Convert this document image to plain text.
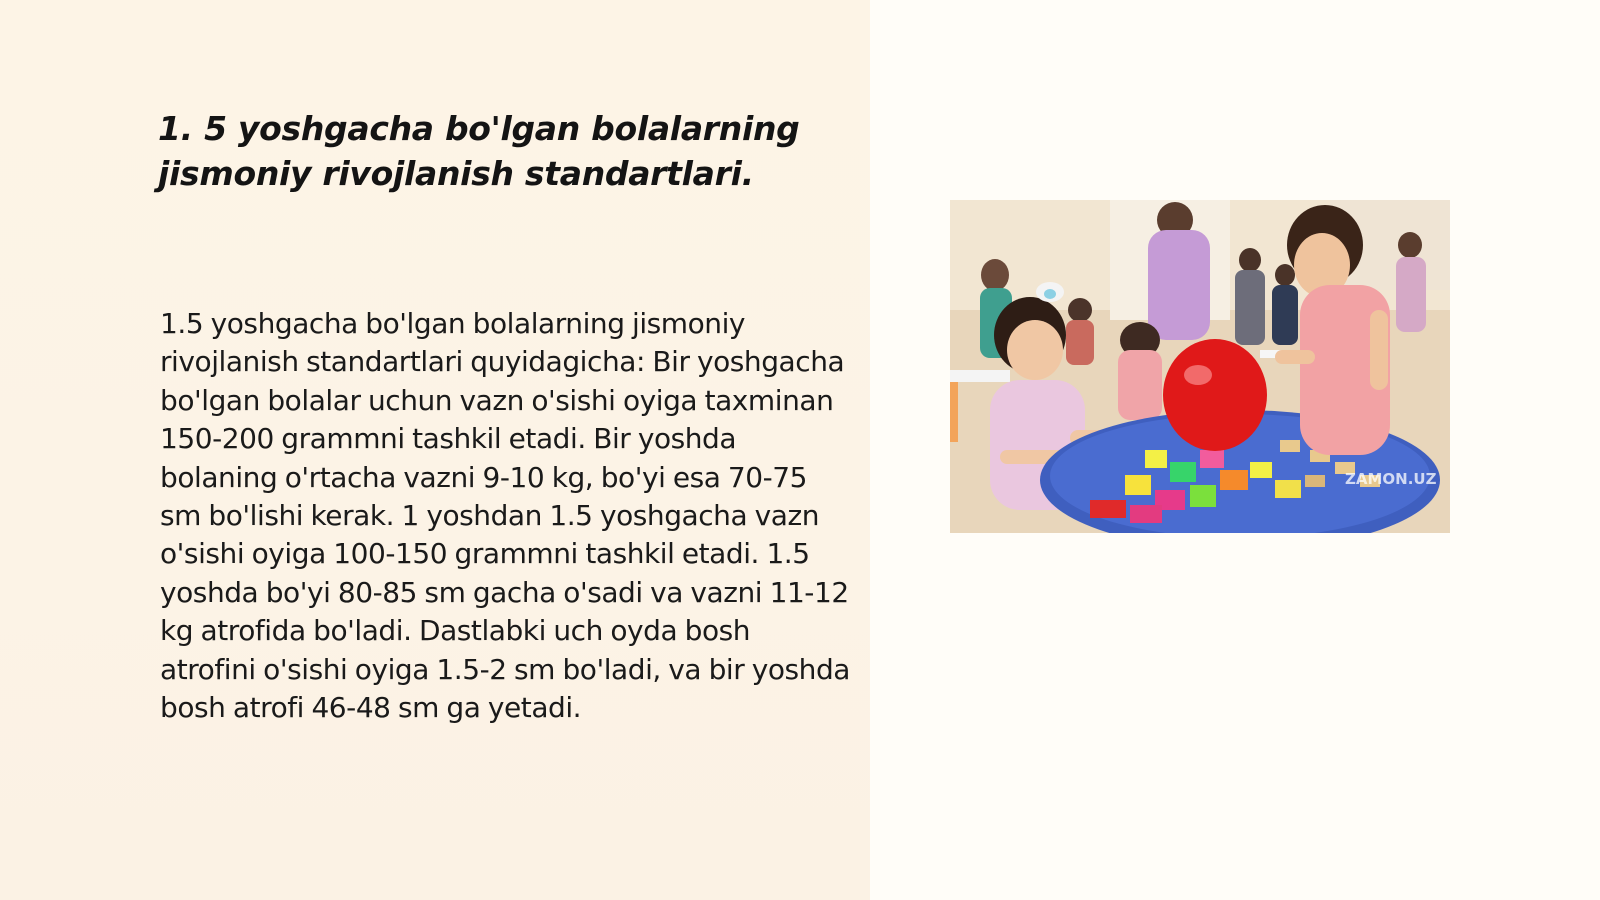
1. 5 yoshgacha bo'lgan bolalarning jismoniy rivojlanish standartlari.

1.5 yoshgacha bo'lgan bolalarning jismoniy rivojlanish standartlari quyidagicha: Bir yoshgacha bo'lgan bolalar uchun vazn o'sishi oyiga taxminan 150-200 grammni tashkil etadi. Bir yoshda bolaning o'rtacha vazni 9-10 kg, bo'yi esa 70-75 sm bo'lishi kerak. 1 yoshdan 1.5 yoshgacha vazn o'sishi oyiga 100-150 grammni tashkil etadi. 1.5 yoshda bo'yi 80-85 sm gacha o'sadi va vazni 11-12 kg atrofida bo'ladi. Dastlabki uch oyda bosh atrofini o'sishi oyiga 1.5-2 sm bo'ladi, va bir yoshda bosh atrofi 46-48 sm ga yetadi.

ZAMON.UZ
